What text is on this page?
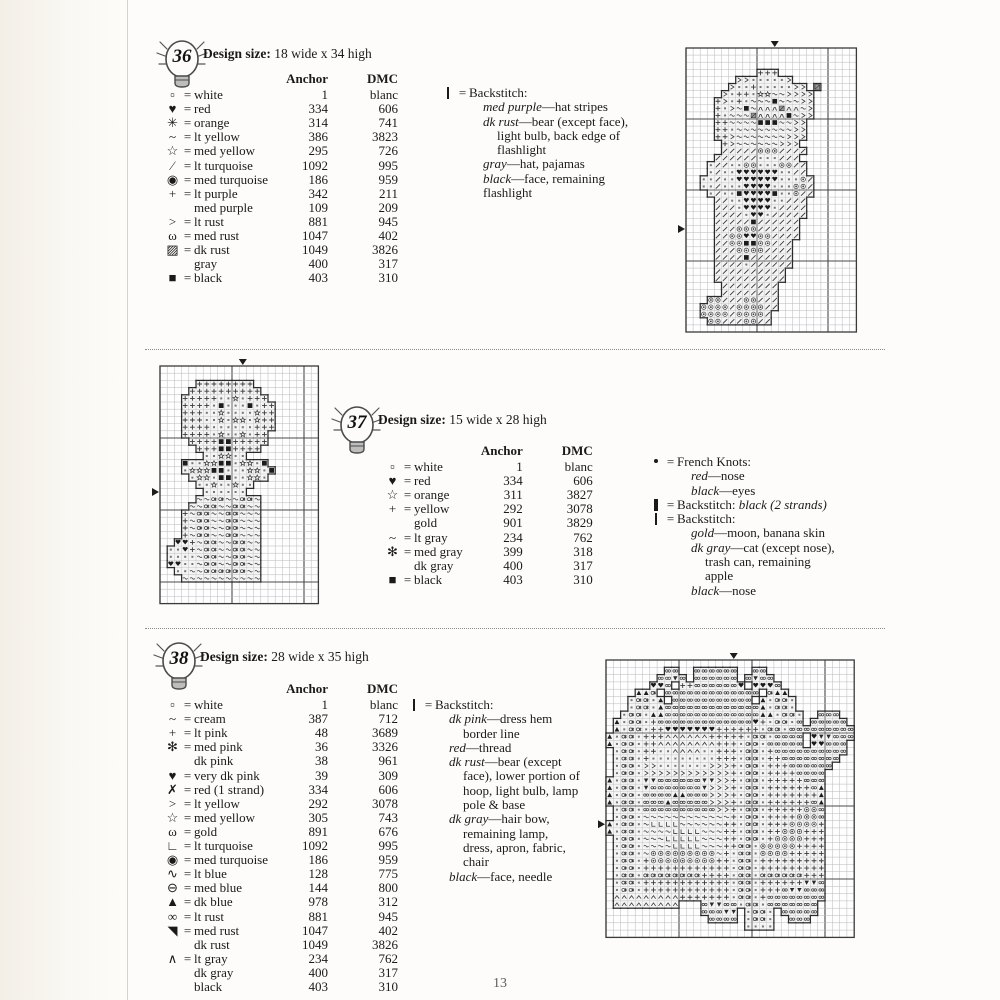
36 Design size: 18 wide x 34 high
			Anchor	DMC
▫	=	white	1	blanc
♥	=	red	334	606
✳	=	orange	314	741
~	=	lt yellow	386	3823
☆	=	med yellow	295	726
⁄	=	lt turquoise	1092	995
◉	=	med turquoise	186	959
+	=	lt purple	342	211
		med purple	109	209
>	=	lt rust	881	945
ω	=	med rust	1047	402
▨	=	dk rust	1049	3826
		gray	400	317
■	=	black	403	310
= Backstitch:
med purple—hat stripes
dk rust—bear (except face),
light bulb, back edge of
flashlight
gray—hat, pajamas
black—face, remaining flashlight
37 Design size: 15 wide x 28 high
			Anchor	DMC
▫	=	white	1	blanc
♥	=	red	334	606
☆	=	orange	311	3827
+	=	yellow	292	3078
		gold	901	3829
~	=	lt gray	234	762
✻	=	med gray	399	318
		dk gray	400	317
■	=	black	403	310
= French Knots:
red—nose
black—eyes
= Backstitch: black (2 strands)
= Backstitch:
gold—moon, banana skin
dk gray—cat (except nose),
trash can, remaining
apple
black—nose
38 Design size: 28 wide x 35 high
			Anchor	DMC
▫	=	white	1	blanc
~	=	cream	387	712
+	=	lt pink	48	3689
✻	=	med pink	36	3326
		dk pink	38	961
♥	=	very dk pink	39	309
✗	=	red (1 strand)	334	606
>	=	lt yellow	292	3078
☆	=	med yellow	305	743
ω	=	gold	891	676
∟	=	lt turquoise	1092	995
◉	=	med turquoise	186	959
∿	=	lt blue	128	775
⊖	=	med blue	144	800
▲	=	dk blue	978	312
∞	=	lt rust	881	945
◥	=	med rust	1047	402
		dk rust	1049	3826
∧	=	lt gray	234	762
		dk gray	400	317
		black	403	310
= Backstitch:
dk pink—dress hem
border line
red—thread
dk rust—bear (except
face), lower portion of
hoop, light bulb, lamp
pole & base
dk gray—hair bow,
remaining lamp,
dress, apron, fabric,
chair
black—face, needle
13
